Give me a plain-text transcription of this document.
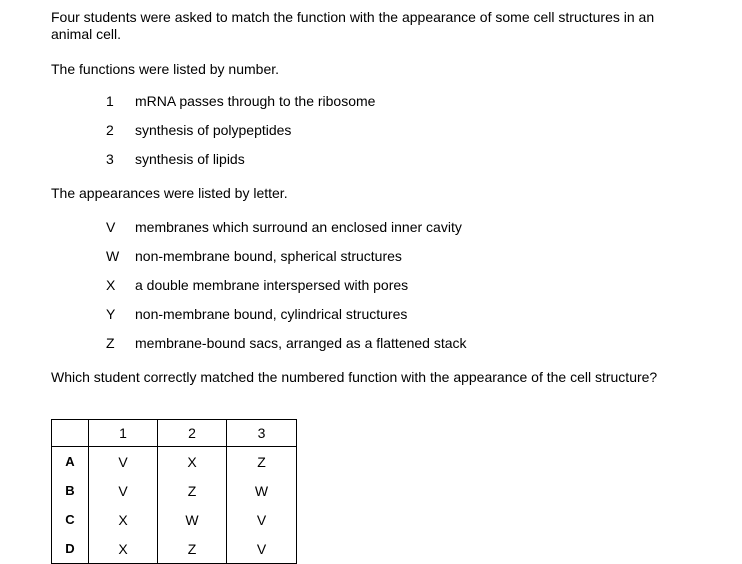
Four students were asked to match the function with the appearance of some cell structures in an animal cell.

The functions were listed by number.

1 mRNA passes through to the ribosome
2 synthesis of polypeptides
3 synthesis of lipids

The appearances were listed by letter.

V membranes which surround an enclosed inner cavity
W non-membrane bound, spherical structures
X a double membrane interspersed with pores
Y non-membrane bound, cylindrical structures
Z membrane-bound sacs, arranged as a flattened stack

Which student correctly matched the numbered function with the appearance of the cell structure?

	1	2	3
A	V	X	Z
B	V	Z	W
C	X	W	V
D	X	Z	V
